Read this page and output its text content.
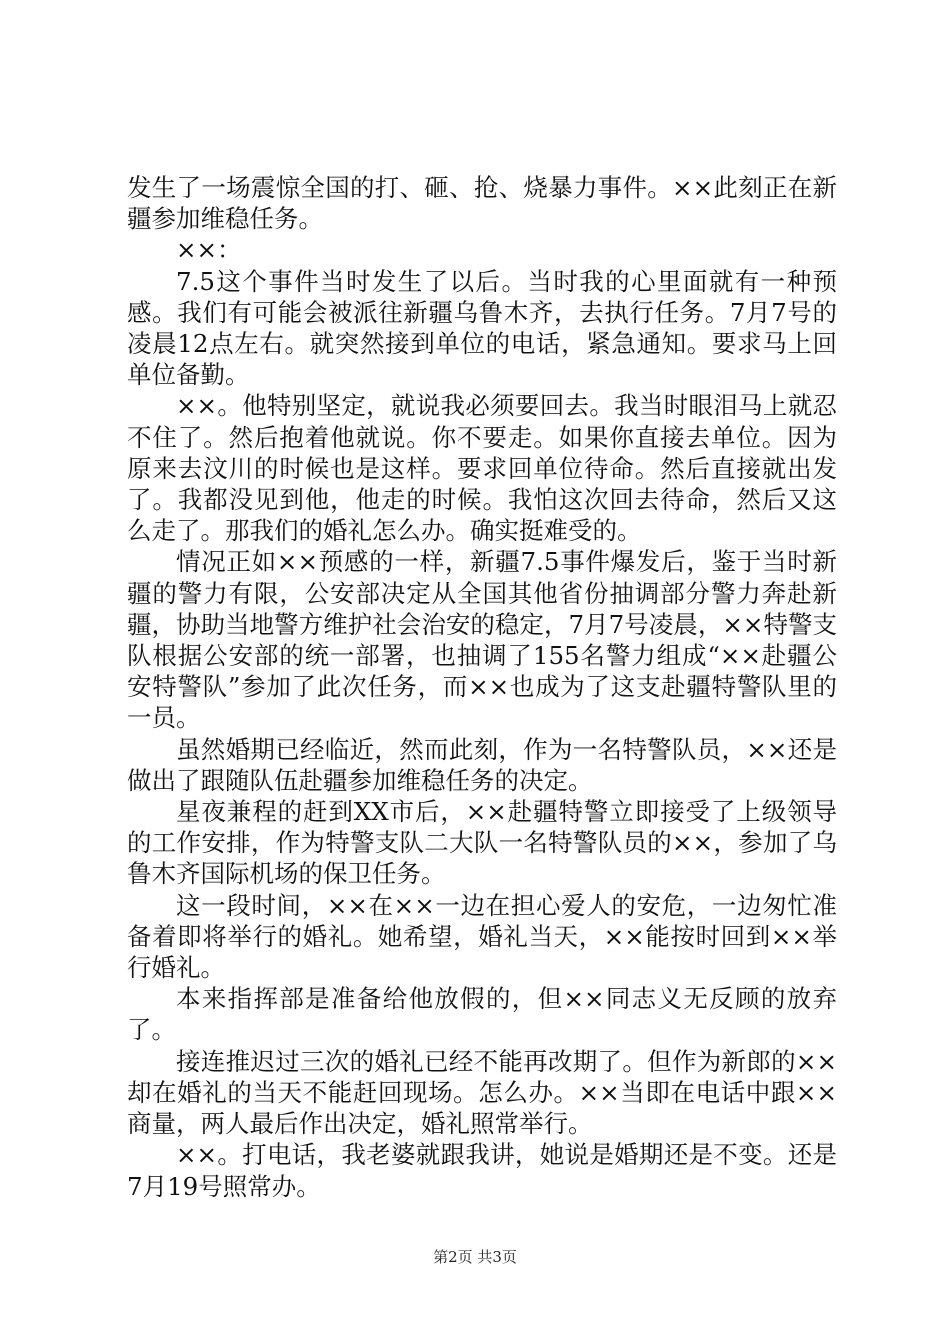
发生了一场震惊全国的打、砸、抢、烧暴力事件。××此刻正在新疆参加维稳任务。

××：

7.5这个事件当时发生了以后。当时我的心里面就有一种预感。我们有可能会被派往新疆乌鲁木齐，去执行任务。7月7号的凌晨12点左右。就突然接到单位的电话，紧急通知。要求马上回单位备勤。

××。他特别坚定，就说我必须要回去。我当时眼泪马上就忍不住了。然后抱着他就说。你不要走。如果你直接去单位。因为原来去汶川的时候也是这样。要求回单位待命。然后直接就出发了。我都没见到他，他走的时候。我怕这次回去待命，然后又这么走了。那我们的婚礼怎么办。确实挺难受的。

情况正如××预感的一样，新疆7.5事件爆发后，鉴于当时新疆的警力有限，公安部决定从全国其他省份抽调部分警力奔赴新疆，协助当地警方维护社会治安的稳定，7月7号凌晨，××特警支队根据公安部的统一部署，也抽调了155名警力组成“××赴疆公安特警队”参加了此次任务，而××也成为了这支赴疆特警队里的一员。

虽然婚期已经临近，然而此刻，作为一名特警队员，××还是做出了跟随队伍赴疆参加维稳任务的决定。

星夜兼程的赶到XX市后，××赴疆特警立即接受了上级领导的工作安排，作为特警支队二大队一名特警队员的××，参加了乌鲁木齐国际机场的保卫任务。

这一段时间，××在××一边在担心爱人的安危，一边匆忙准备着即将举行的婚礼。她希望，婚礼当天，××能按时回到××举行婚礼。

本来指挥部是准备给他放假的，但××同志义无反顾的放弃了。

接连推迟过三次的婚礼已经不能再改期了。但作为新郎的××却在婚礼的当天不能赶回现场。怎么办。××当即在电话中跟××商量，两人最后作出决定，婚礼照常举行。

××。打电话，我老婆就跟我讲，她说是婚期还是不变。还是7月19号照常办。

第2页 共3页
